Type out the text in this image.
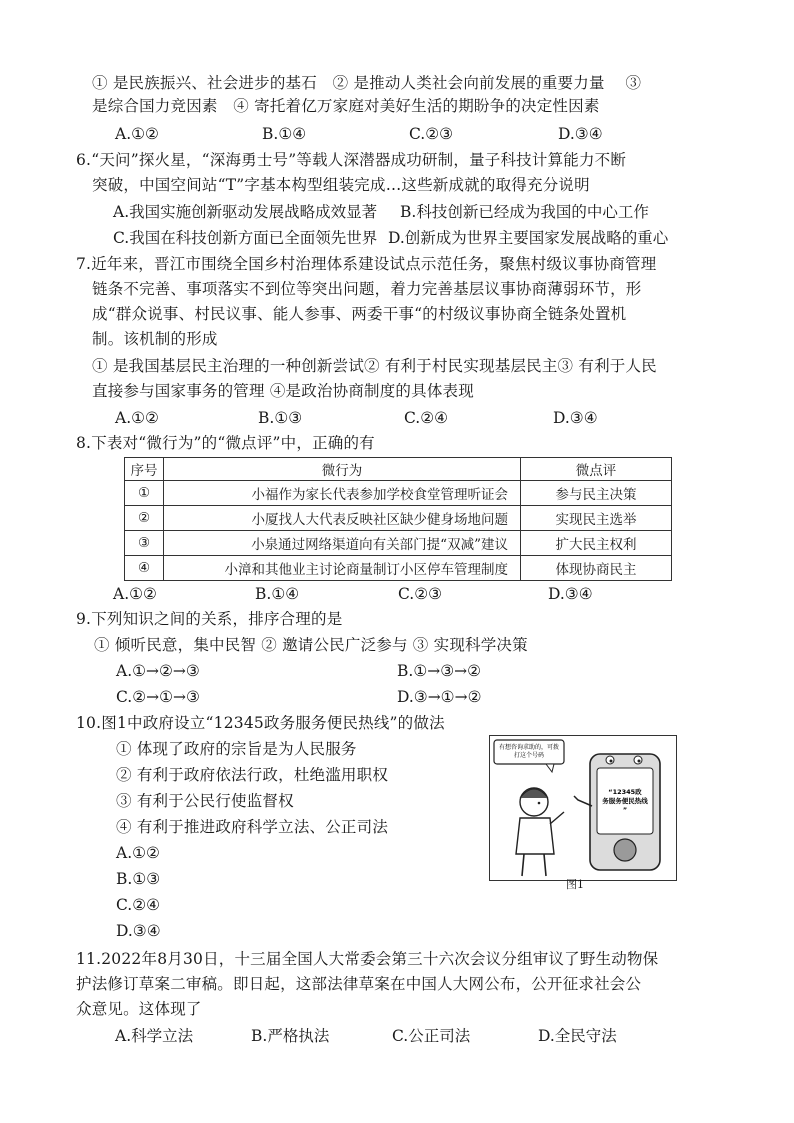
① 是民族振兴、社会进步的基石　② 是推动人类社会向前发展的重要力量　 ③
是综合国力竞因素　④ 寄托着亿万家庭对美好生活的期盼争的决定性因素
A.①②	B.①④	C.②③	D.③④
6.“天问”探火星，“深海勇士号”等载人深潜器成功研制，量子科技计算能力不断
突破，中国空间站“T”字基本构型组装完成…这些新成就的取得充分说明
A.我国实施创新驱动发展战略成效显著 B.科技创新已经成为我国的中心工作
C.我国在科技创新方面已全面领先世界 D.创新成为世界主要国家发展战略的重心
7.近年来，晋江市围绕全国乡村治理体系建设试点示范任务，聚焦村级议事协商管理
链条不完善、事项落实不到位等突出问题，着力完善基层议事协商薄弱环节，形
成“群众说事、村民议事、能人参事、两委干事“的村级议事协商全链条处置机
制。该机制的形成
① 是我国基层民主治理的一种创新尝试② 有利于村民实现基层民主③ 有利于人民
直接参与国家事务的管理 ④是政治协商制度的具体表现
A.①②	B.①③	C.②④	D.③④
8.下表对“微行为”的“微点评”中，正确的有
序号	微行为	微点评
①	小福作为家长代表参加学校食堂管理听证会	参与民主决策
②	小厦找人大代表反映社区缺少健身场地问题	实现民主选举
③	小泉通过网络渠道向有关部门提“双减”建议	扩大民主权利
④	小漳和其他业主讨论商量制订小区停车管理制度	体现协商民主
A.①②	B.①④	C.②③	D.③④
9.下列知识之间的关系，排序合理的是
① 倾听民意，集中民智 ② 邀请公民广泛参与 ③ 实现科学决策
A.①→②→③	B.①→③→②
C.②→①→③	D.③→①→②
10.图1中政府设立“12345政务服务便民热线”的做法
① 体现了政府的宗旨是为人民服务
② 有利于政府依法行政，杜绝滥用职权
③ 有利于公民行使监督权
④ 有利于推进政府科学立法、公正司法
A.①②
B.①③
C.②④
D.③④
有想咨询求助的，可拨打这个号码
“12345政务服务便民热线”
图1
11.2022年8月30日，十三届全国人大常委会第三十六次会议分组审议了野生动物保
护法修订草案二审稿。即日起，这部法律草案在中国人大网公布，公开征求社会公
众意见。这体现了
A.科学立法	B.严格执法	C.公正司法	D.全民守法
